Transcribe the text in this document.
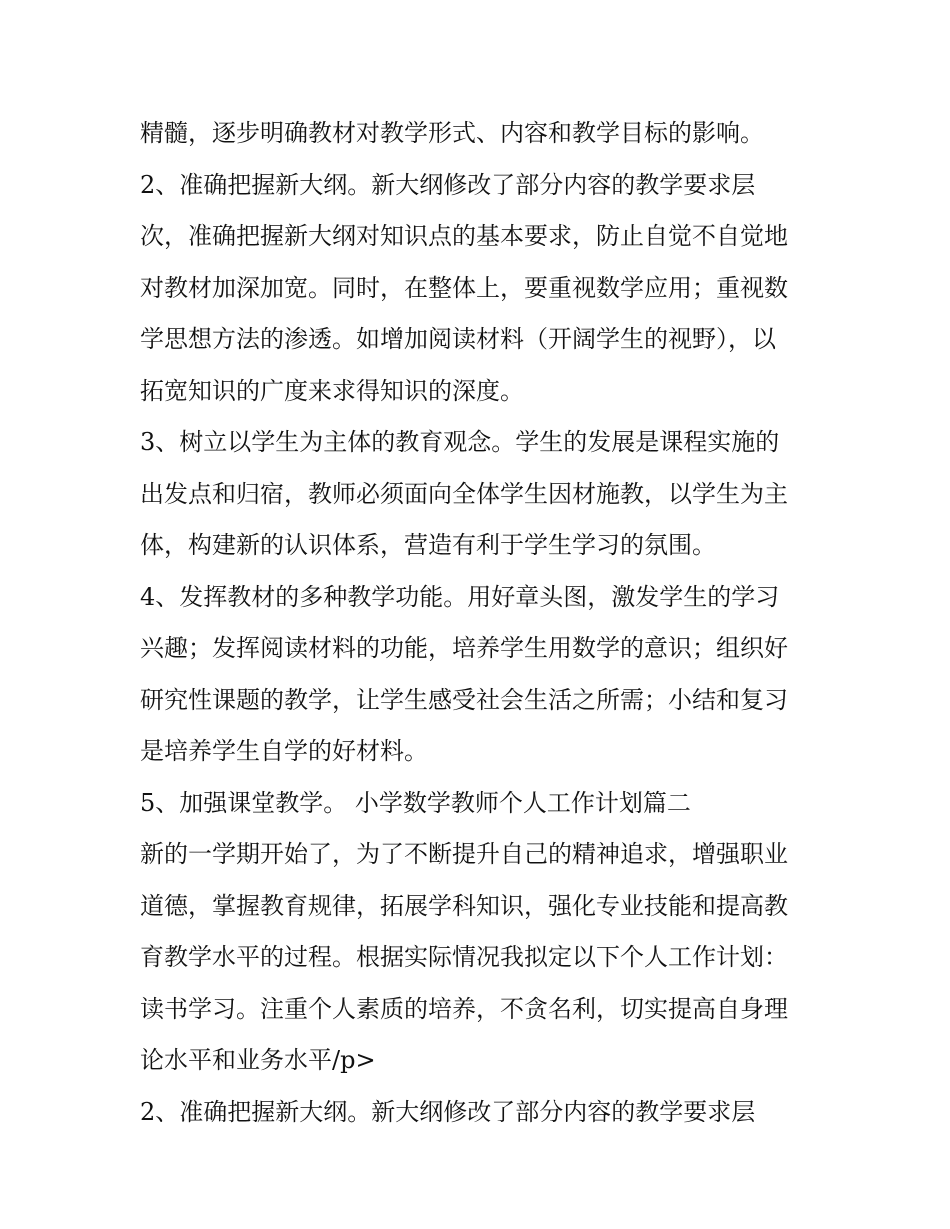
精髓，逐步明确教材对教学形式、内容和教学目标的影响。
2、准确把握新大纲。新大纲修改了部分内容的教学要求层
次，准确把握新大纲对知识点的基本要求，防止自觉不自觉地
对教材加深加宽。同时，在整体上，要重视数学应用；重视数
学思想方法的渗透。如增加阅读材料（开阔学生的视野），以
拓宽知识的广度来求得知识的深度。
3、树立以学生为主体的教育观念。学生的发展是课程实施的
出发点和归宿，教师必须面向全体学生因材施教，以学生为主
体，构建新的认识体系，营造有利于学生学习的氛围。
4、发挥教材的多种教学功能。用好章头图，激发学生的学习
兴趣；发挥阅读材料的功能，培养学生用数学的意识；组织好
研究性课题的教学，让学生感受社会生活之所需；小结和复习
是培养学生自学的好材料。
5、加强课堂教学。 小学数学教师个人工作计划篇二
新的一学期开始了，为了不断提升自己的精神追求，增强职业
道德，掌握教育规律，拓展学科知识，强化专业技能和提高教
育教学水平的过程。根据实际情况我拟定以下个人工作计划：
读书学习。注重个人素质的培养，不贪名利，切实提高自身理
论水平和业务水平/p>
2、准确把握新大纲。新大纲修改了部分内容的教学要求层
